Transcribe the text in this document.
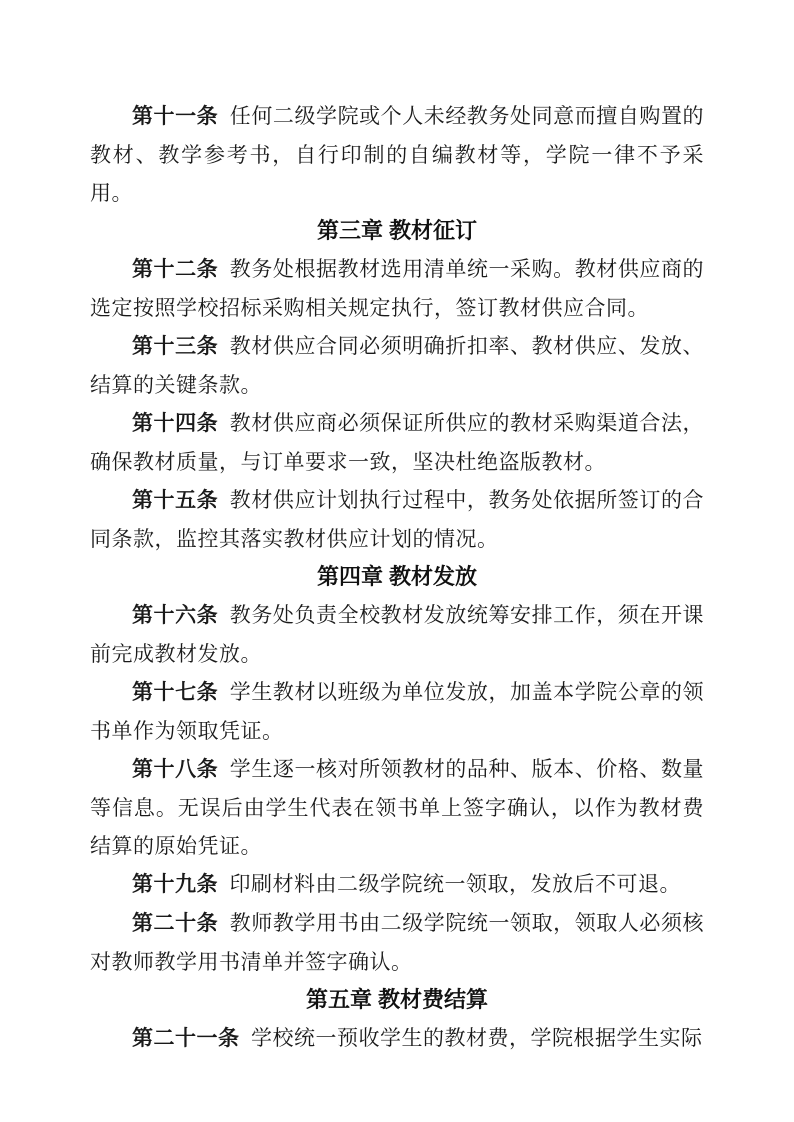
第十一条 任何二级学院或个人未经教务处同意而擅自购置的教材、教学参考书，自行印制的自编教材等，学院一律不予采用。

第三章 教材征订

第十二条 教务处根据教材选用清单统一采购。教材供应商的选定按照学校招标采购相关规定执行，签订教材供应合同。

第十三条 教材供应合同必须明确折扣率、教材供应、发放、结算的关键条款。

第十四条 教材供应商必须保证所供应的教材采购渠道合法，确保教材质量，与订单要求一致，坚决杜绝盗版教材。

第十五条 教材供应计划执行过程中，教务处依据所签订的合同条款，监控其落实教材供应计划的情况。

第四章 教材发放

第十六条 教务处负责全校教材发放统筹安排工作，须在开课前完成教材发放。

第十七条 学生教材以班级为单位发放，加盖本学院公章的领书单作为领取凭证。

第十八条 学生逐一核对所领教材的品种、版本、价格、数量等信息。无误后由学生代表在领书单上签字确认，以作为教材费结算的原始凭证。

第十九条 印刷材料由二级学院统一领取，发放后不可退。

第二十条 教师教学用书由二级学院统一领取，领取人必须核对教师教学用书清单并签字确认。

第五章 教材费结算

第二十一条 学校统一预收学生的教材费，学院根据学生实际
